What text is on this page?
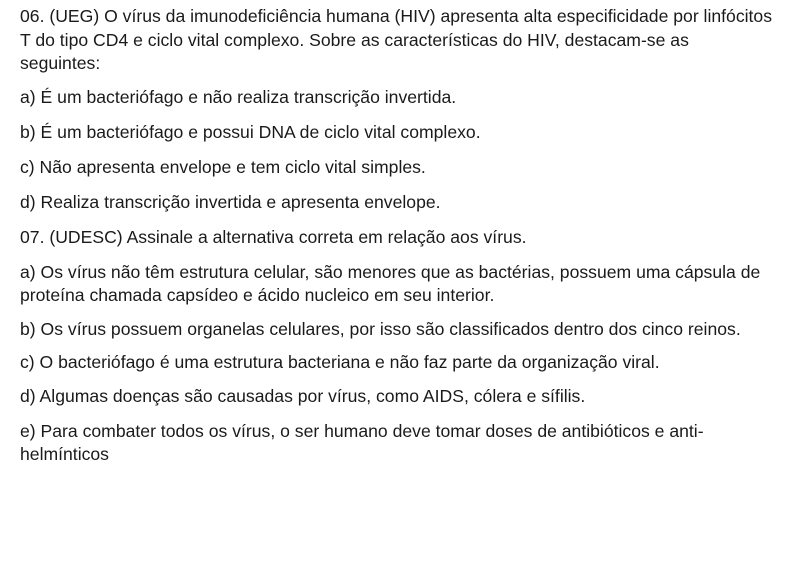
06. (UEG) O vírus da imunodeficiência humana (HIV) apresenta alta especificidade por linfócitos T do tipo CD4 e ciclo vital complexo. Sobre as características do HIV, destacam-se as seguintes:

a) É um bacteriófago e não realiza transcrição invertida.

b) É um bacteriófago e possui DNA de ciclo vital complexo.

c) Não apresenta envelope e tem ciclo vital simples.

d) Realiza transcrição invertida e apresenta envelope.

07. (UDESC) Assinale a alternativa correta em relação aos vírus.

a) Os vírus não têm estrutura celular, são menores que as bactérias, possuem uma cápsula de proteína chamada capsídeo e ácido nucleico em seu interior.

b) Os vírus possuem organelas celulares, por isso são classificados dentro dos cinco reinos.

c) O bacteriófago é uma estrutura bacteriana e não faz parte da organização viral.

d) Algumas doenças são causadas por vírus, como AIDS, cólera e sífilis.

e) Para combater todos os vírus, o ser humano deve tomar doses de antibióticos e anti-helmínticos
